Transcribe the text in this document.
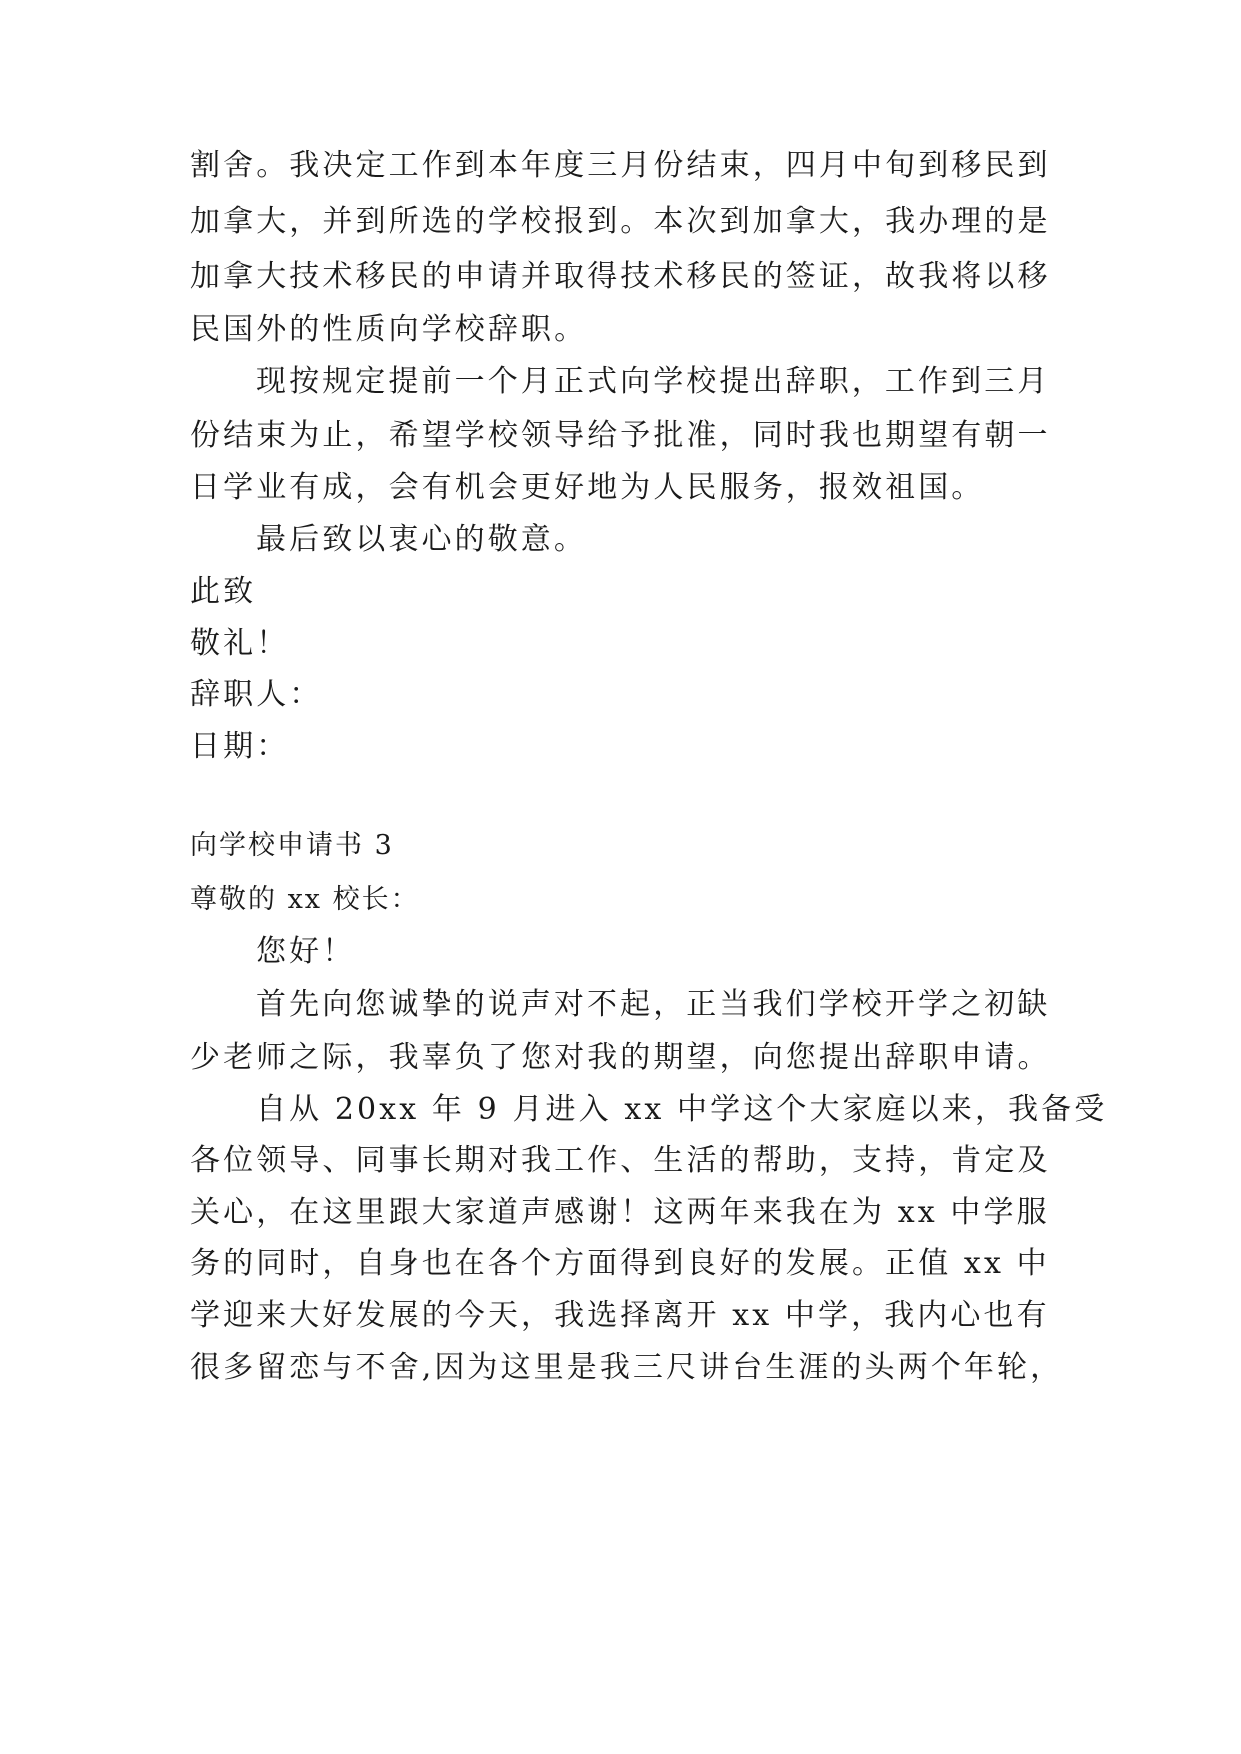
割舍。我决定工作到本年度三月份结束，四月中旬到移民到
加拿大，并到所选的学校报到。本次到加拿大，我办理的是
加拿大技术移民的申请并取得技术移民的签证，故我将以移
民国外的性质向学校辞职。
现按规定提前一个月正式向学校提出辞职，工作到三月
份结束为止，希望学校领导给予批准，同时我也期望有朝一
日学业有成，会有机会更好地为人民服务，报效祖国。
最后致以衷心的敬意。
此致
敬礼！
辞职人：
日期：
向学校申请书 3
尊敬的 xx 校长：
您好！
首先向您诚挚的说声对不起，正当我们学校开学之初缺
少老师之际，我辜负了您对我的期望，向您提出辞职申请。
自从 20xx 年 9 月进入 xx 中学这个大家庭以来，我备受
各位领导、同事长期对我工作、生活的帮助，支持，肯定及
关心，在这里跟大家道声感谢！这两年来我在为 xx 中学服
务的同时，自身也在各个方面得到良好的发展。正值 xx 中
学迎来大好发展的今天，我选择离开 xx 中学，我内心也有
很多留恋与不舍,因为这里是我三尺讲台生涯的头两个年轮，
